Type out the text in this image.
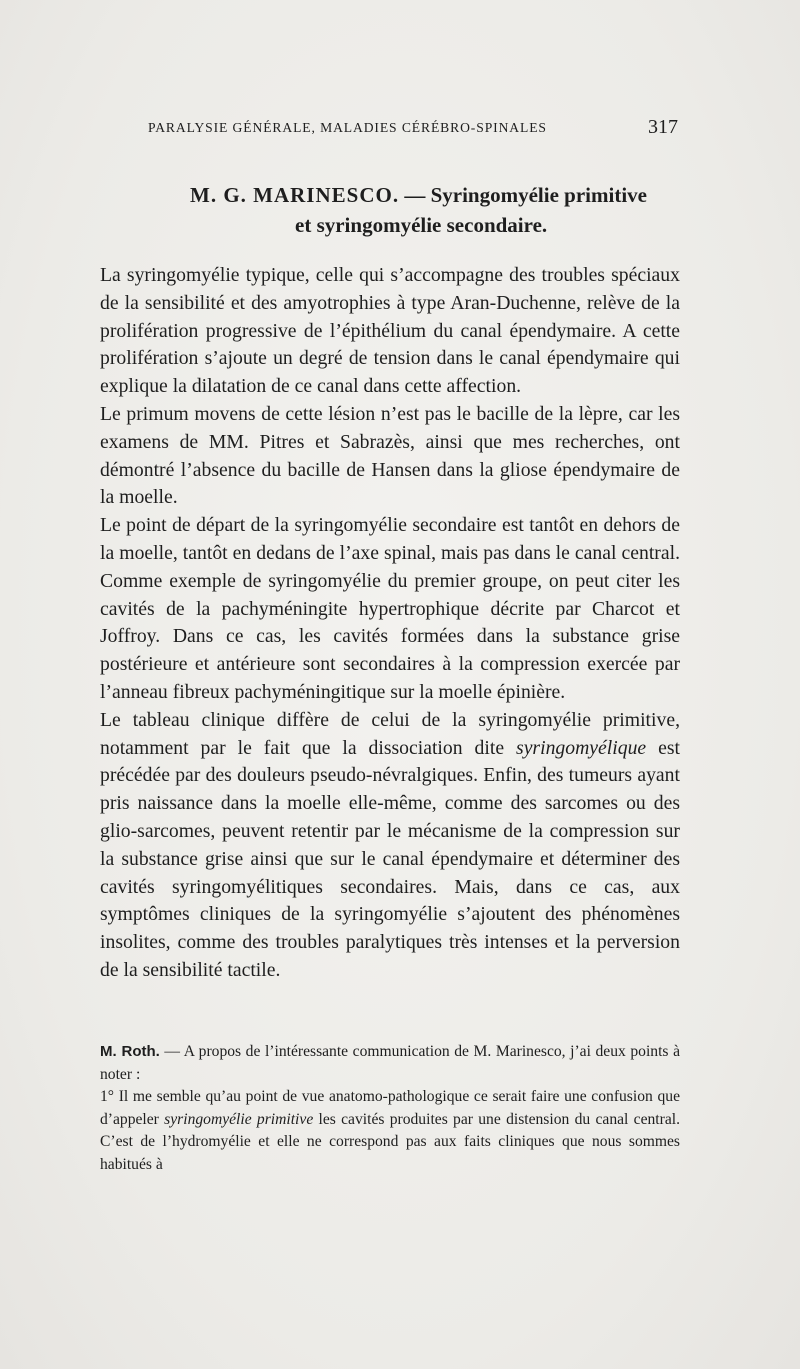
PARALYSIE GÉNÉRALE, MALADIES CÉRÉBRO-SPINALES	317
M. G. MARINESCO. — Syringomyélie primitive
et syringomyélie secondaire.

La syringomyélie typique, celle qui s’accompagne des troubles spéciaux de la sensibilité et des amyotrophies à type Aran-Duchenne, relève de la prolifération progressive de l’épithélium du canal épendymaire. A cette prolifération s’ajoute un degré de tension dans le canal épendymaire qui explique la dilatation de ce canal dans cette affection.

Le primum movens de cette lésion n’est pas le bacille de la lèpre, car les examens de MM. Pitres et Sabrazès, ainsi que mes recherches, ont démontré l’absence du bacille de Hansen dans la gliose épendymaire de la moelle.

Le point de départ de la syringomyélie secondaire est tantôt en dehors de la moelle, tantôt en dedans de l’axe spinal, mais pas dans le canal central. Comme exemple de syringomyélie du premier groupe, on peut citer les cavités de la pachyméningite hypertrophique décrite par Charcot et Joffroy. Dans ce cas, les cavités formées dans la substance grise postérieure et antérieure sont secondaires à la compression exercée par l’anneau fibreux pachyméningitique sur la moelle épinière.

Le tableau clinique diffère de celui de la syringomyélie primitive, notamment par le fait que la dissociation dite syringomyélique est précédée par des douleurs pseudo-névralgiques. Enfin, des tumeurs ayant pris naissance dans la moelle elle-même, comme des sarcomes ou des glio-sarcomes, peuvent retentir par le mécanisme de la compression sur la substance grise ainsi que sur le canal épendymaire et déterminer des cavités syringomyélitiques secondaires. Mais, dans ce cas, aux symptômes cliniques de la syringomyélie s’ajoutent des phénomènes insolites, comme des troubles paralytiques très intenses et la perversion de la sensibilité tactile.

M. Roth. — A propos de l’intéressante communication de M. Marinesco, j’ai deux points à noter :

1° Il me semble qu’au point de vue anatomo-pathologique ce serait faire une confusion que d’appeler syringomyélie primitive les cavités produites par une distension du canal central. C’est de l’hydromyélie et elle ne correspond pas aux faits cliniques que nous sommes habitués à
